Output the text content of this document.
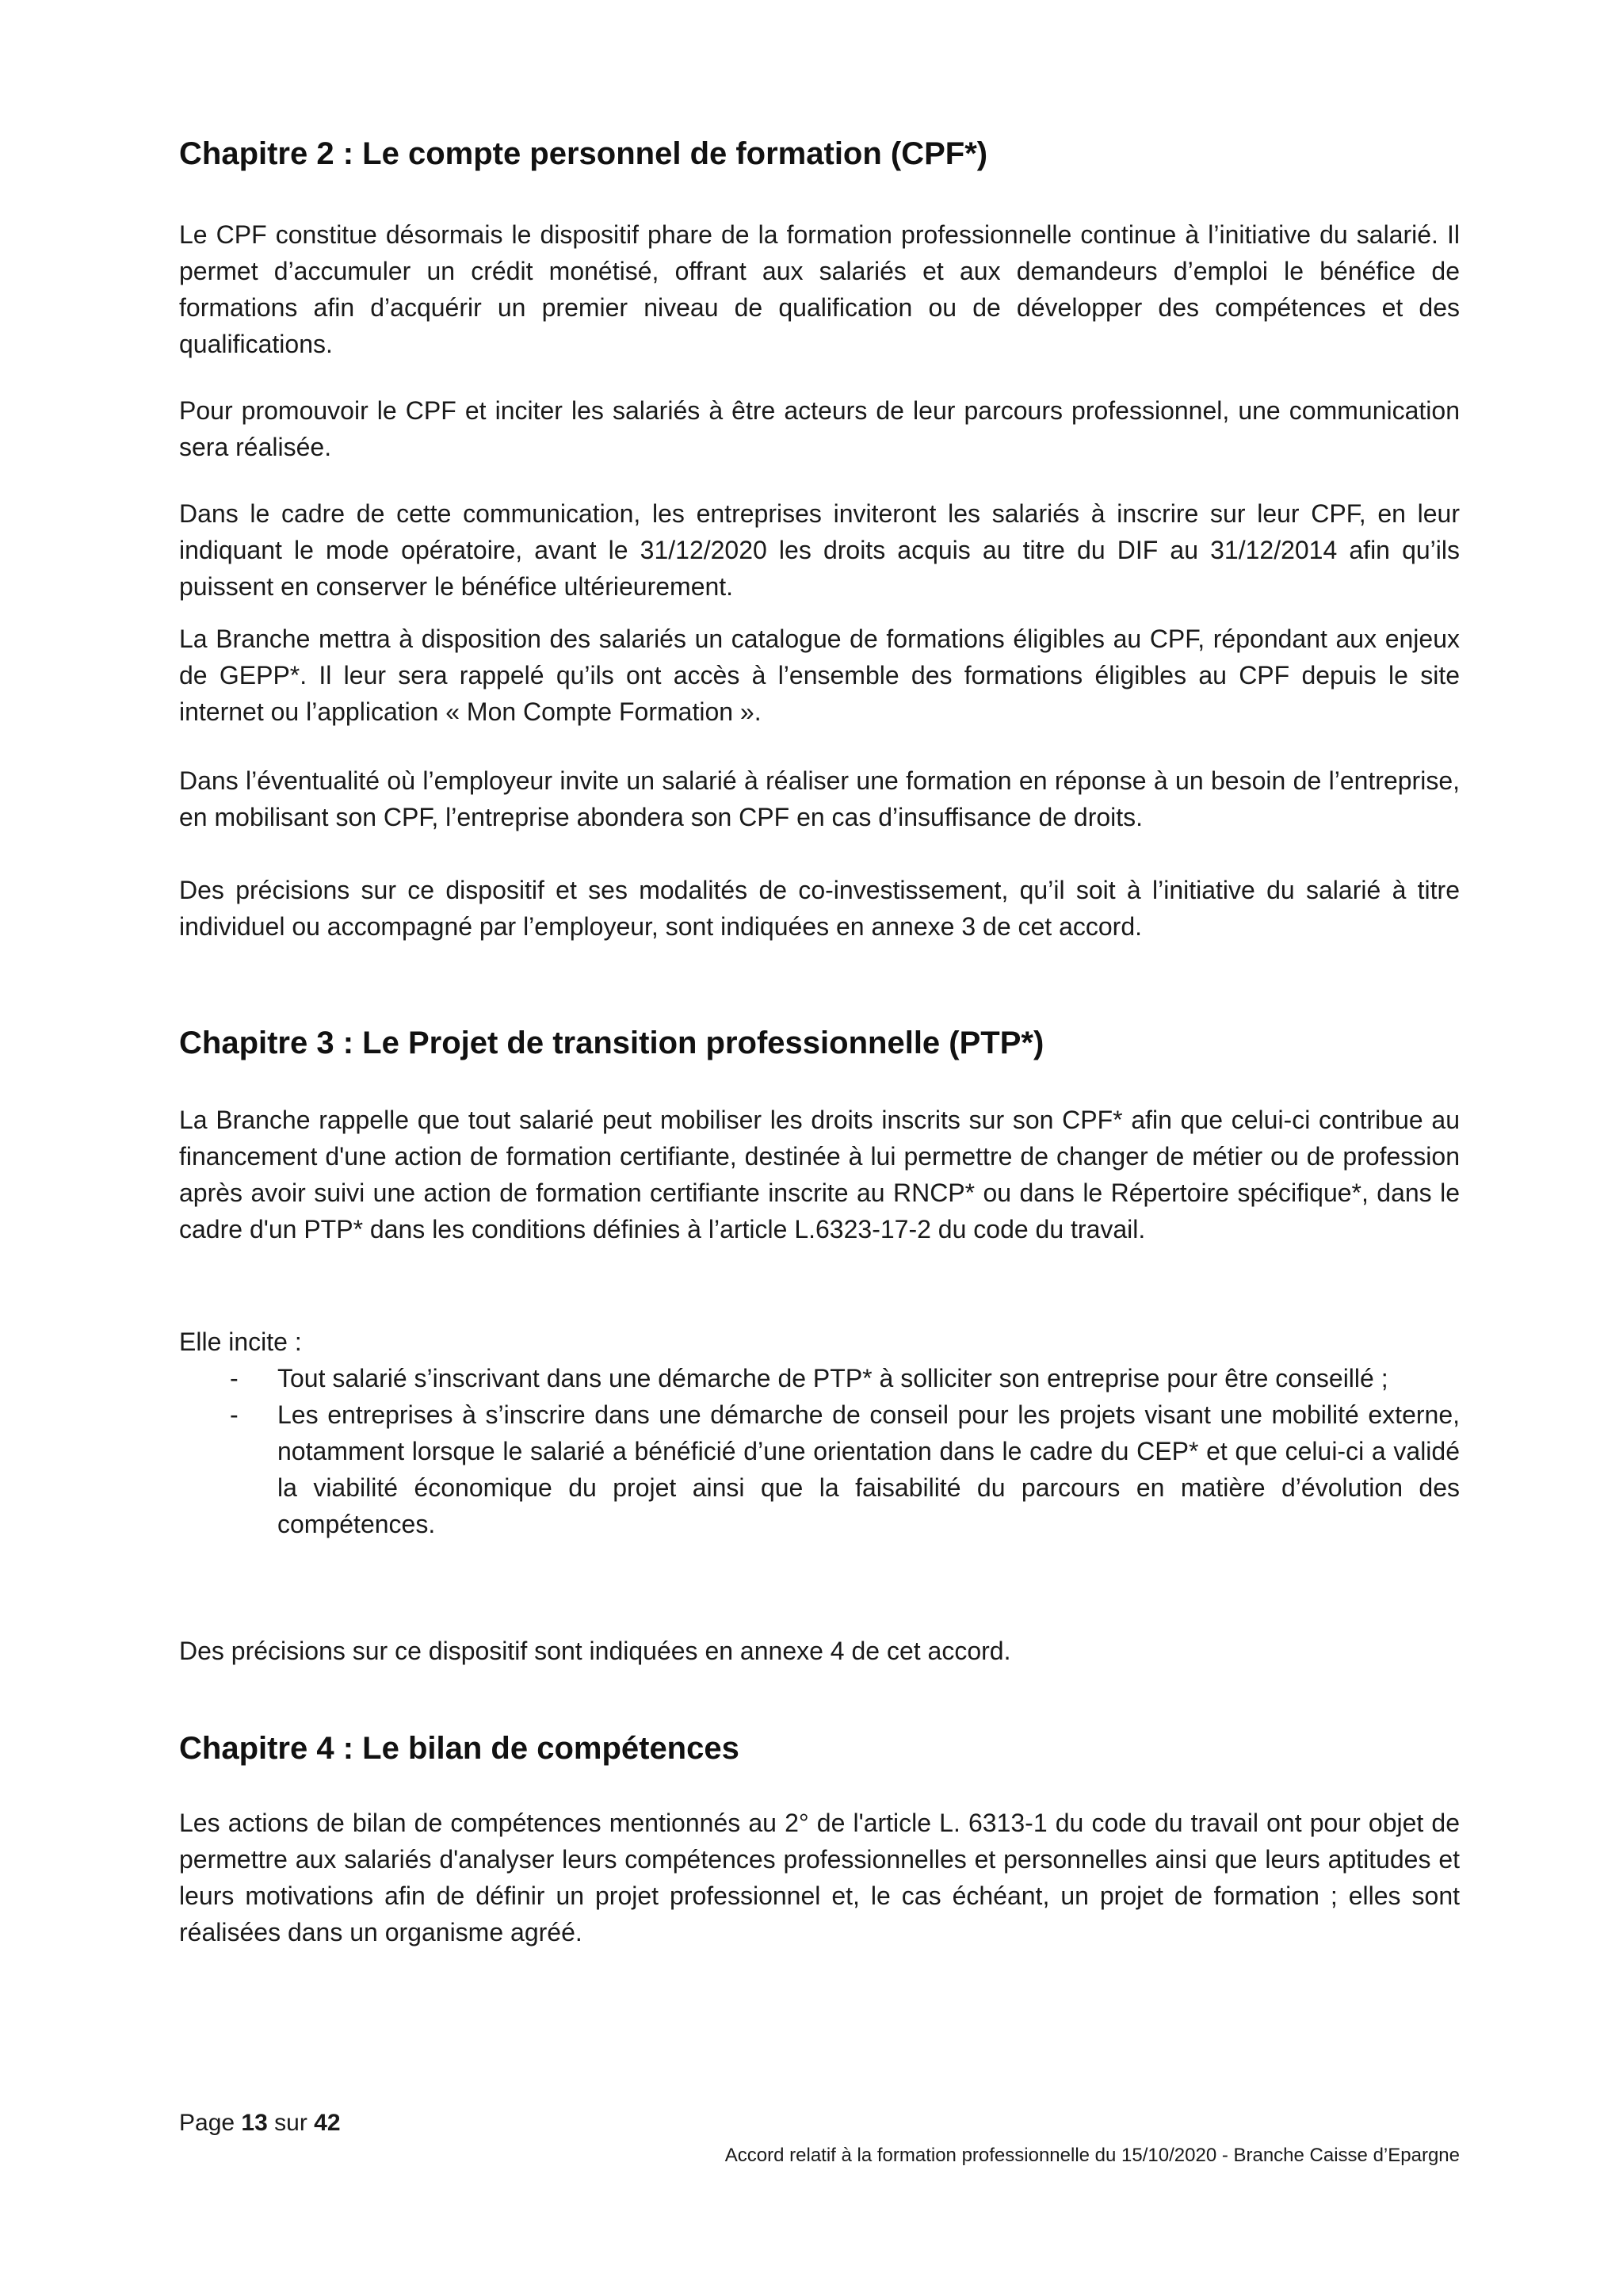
Chapitre 2 : Le compte personnel de formation (CPF*)

Le CPF constitue désormais le dispositif phare de la formation professionnelle continue à l’initiative du salarié. Il permet d’accumuler un crédit monétisé, offrant aux salariés et aux demandeurs d’emploi le bénéfice de formations afin d’acquérir un premier niveau de qualification ou de développer des compétences et des qualifications.

Pour promouvoir le CPF et inciter les salariés à être acteurs de leur parcours professionnel, une communication sera réalisée.

Dans le cadre de cette communication, les entreprises inviteront les salariés à inscrire sur leur CPF, en leur indiquant le mode opératoire, avant le 31/12/2020 les droits acquis au titre du DIF au 31/12/2014 afin qu’ils puissent en conserver le bénéfice ultérieurement.

La Branche mettra à disposition des salariés un catalogue de formations éligibles au CPF, répondant aux enjeux de GEPP*. Il leur sera rappelé qu’ils ont accès à l’ensemble des formations éligibles au CPF depuis le site internet ou l’application « Mon Compte Formation ».

Dans l’éventualité où l’employeur invite un salarié à réaliser une formation en réponse à un besoin de l’entreprise, en mobilisant son CPF, l’entreprise abondera son CPF en cas d’insuffisance de droits.

Des précisions sur ce dispositif et ses modalités de co-investissement, qu’il soit à l’initiative du salarié à titre individuel ou accompagné par l’employeur, sont indiquées en annexe 3 de cet accord.

Chapitre 3 : Le Projet de transition professionnelle (PTP*)

La Branche rappelle que tout salarié peut mobiliser les droits inscrits sur son CPF* afin que celui-ci contribue au financement d'une action de formation certifiante, destinée à lui permettre de changer de métier ou de profession après avoir suivi une action de formation certifiante inscrite au RNCP* ou dans le Répertoire spécifique*, dans le cadre d'un PTP* dans les conditions définies à l’article L.6323-17-2 du code du travail.

Elle incite :

- Tout salarié s’inscrivant dans une démarche de PTP* à solliciter son entreprise pour être conseillé ;
- Les entreprises à s’inscrire dans une démarche de conseil pour les projets visant une mobilité externe, notamment lorsque le salarié a bénéficié d’une orientation dans le cadre du CEP* et que celui-ci a validé la viabilité économique du projet ainsi que la faisabilité du parcours en matière d’évolution des compétences.

Des précisions sur ce dispositif sont indiquées en annexe 4 de cet accord.

Chapitre 4 : Le bilan de compétences

Les actions de bilan de compétences mentionnés au 2° de l'article L. 6313-1 du code du travail ont pour objet de permettre aux salariés d'analyser leurs compétences professionnelles et personnelles ainsi que leurs aptitudes et leurs motivations afin de définir un projet professionnel et, le cas échéant, un projet de formation ; elles sont réalisées dans un organisme agréé.

Page 13 sur 42
Accord relatif à la formation professionnelle du 15/10/2020 - Branche Caisse d’Epargne
